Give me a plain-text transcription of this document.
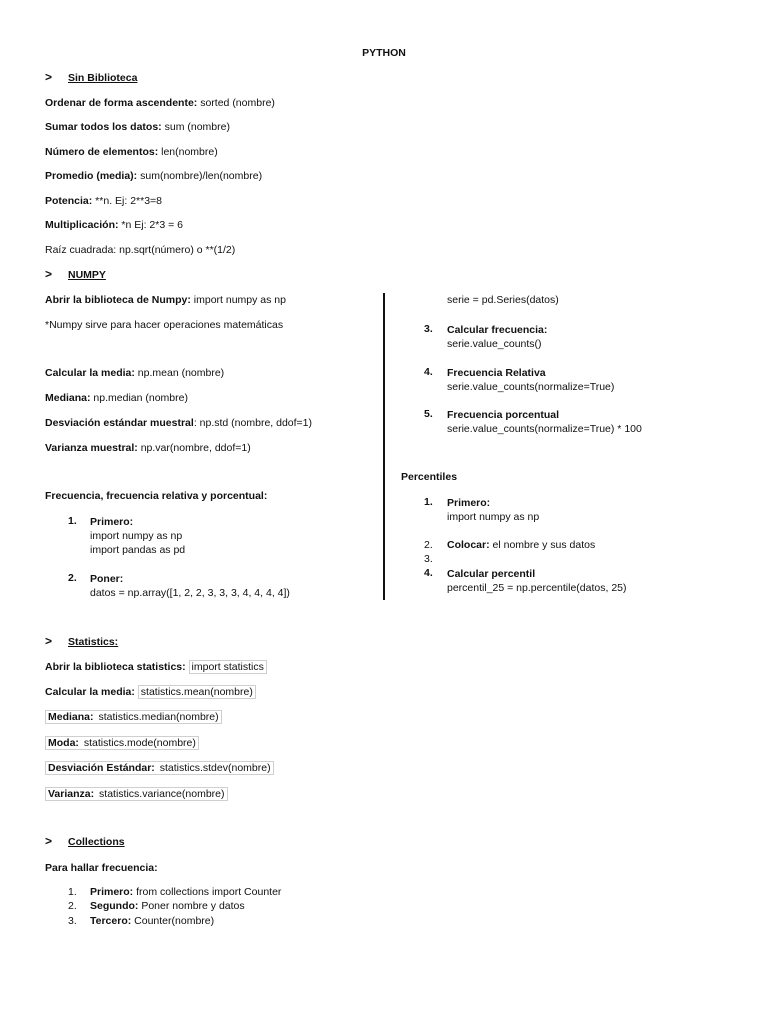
PYTHON
> Sin Biblioteca
Ordenar de forma ascendente: sorted (nombre)
Sumar todos los datos: sum (nombre)
Número de elementos: len(nombre)
Promedio (media): sum(nombre)/len(nombre)
Potencia: **n. Ej: 2**3=8
Multiplicación: *n Ej: 2*3 = 6
Raíz cuadrada: np.sqrt(número) o **(1/2)
> NUMPY
Abrir la biblioteca de Numpy: import numpy as np
*Numpy sirve para hacer operaciones matemáticas
Calcular la media: np.mean (nombre)
Mediana: np.median (nombre)
Desviación estándar muestral: np.std (nombre, ddof=1)
Varianza muestral: np.var(nombre, ddof=1)
Frecuencia, frecuencia relativa y porcentual:
1. Primero:
import numpy as np
import pandas as pd
2. Poner:
datos = np.array([1, 2, 2, 3, 3, 3, 4, 4, 4, 4])
serie = pd.Series(datos)
3. Calcular frecuencia:
serie.value_counts()
4. Frecuencia Relativa
serie.value_counts(normalize=True)
5. Frecuencia porcentual
serie.value_counts(normalize=True) * 100
Percentiles
1. Primero:
import numpy as np
2. Colocar: el nombre y sus datos
3.
4. Calcular percentil
percentil_25 = np.percentile(datos, 25)
> Statistics:
Abrir la biblioteca statistics: import statistics
Calcular la media: statistics.mean(nombre)
Mediana: statistics.median(nombre)
Moda: statistics.mode(nombre)
Desviación Estándar: statistics.stdev(nombre)
Varianza: statistics.variance(nombre)
> Collections
Para hallar frecuencia:
1. Primero: from collections import Counter
2. Segundo: Poner nombre y datos
3. Tercero: Counter(nombre)
